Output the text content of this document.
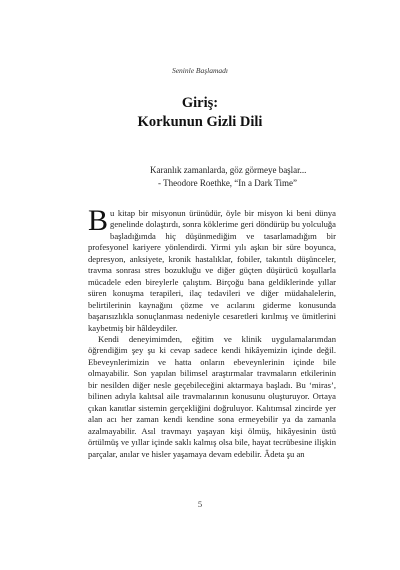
Seninle Başlamadı
Giriş:
Korkunun Gizli Dili
Karanlık zamanlarda, göz görmeye başlar...
- Theodore Roethke, “In a Dark Time”

Bu kitap bir misyonun ürünüdür, öyle bir misyon ki beni dünya genelinde dolaştırdı, sonra köklerime geri döndürüp bu yolculuğa başladığımda hiç düşünmediğim ve tasarlamadığım bir profesyonel kariyere yönlendirdi. Yirmi yılı aşkın bir süre boyunca, depresyon, anksiyete, kronik hastalıklar, fobiler, takıntılı düşünceler, travma sonrası stres bozukluğu ve diğer güçten düşürücü koşullarla mücadele eden bireylerle çalıştım. Birçoğu bana geldiklerinde yıllar süren konuşma terapileri, ilaç tedavileri ve diğer müdahalelerin, belirtilerinin kaynağını çözme ve acılarını giderme konusunda başarısızlıkla sonuçlanması nedeniyle cesaretleri kırılmış ve ümitlerini kaybetmiş bir hâldeydiler.

Kendi deneyimimden, eğitim ve klinik uygulamalarımdan öğrendiğim şey şu ki cevap sadece kendi hikâyemizin içinde değil. Ebeveynlerimizin ve hatta onların ebeveynlerinin içinde bile olmayabilir. Son yapılan bilimsel araştırmalar travmaların etkilerinin bir nesilden diğer nesle geçebileceğini aktarmaya başladı. Bu ‘miras’, bilinen adıyla kalıtsal aile travmalarının konusunu oluşturuyor. Ortaya çıkan kanıtlar sistemin gerçekliğini doğruluyor. Kalıtımsal zincirde yer alan acı her zaman kendi kendine sona ermeyebilir ya da zamanla azalmayabilir. Asıl travmayı yaşayan kişi ölmüş, hikâyesinin üstü örtülmüş ve yıllar içinde saklı kalmış olsa bile, hayat tecrübesine ilişkin parçalar, anılar ve hisler yaşamaya devam edebilir. Âdeta şu an

5
